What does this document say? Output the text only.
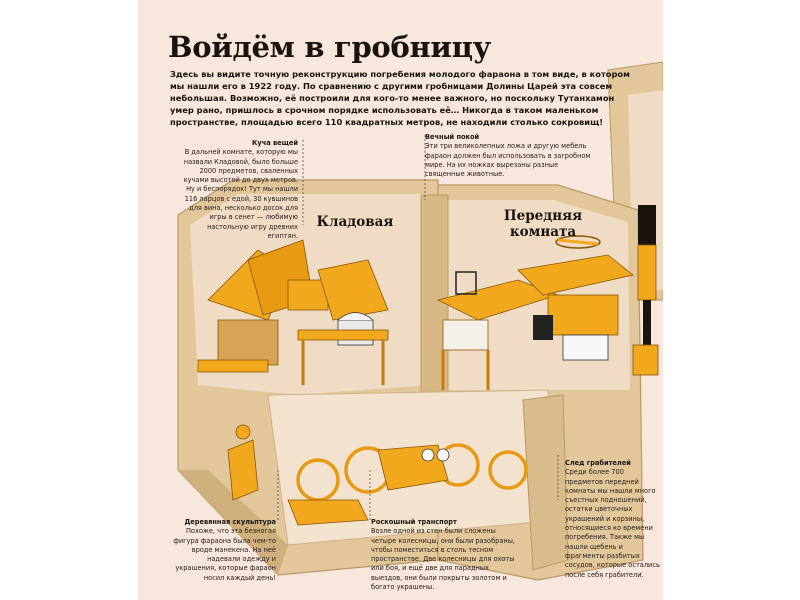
Войдём в гробницу
Здесь вы видите точную реконструкцию погребения молодого фараона в том виде, в котором мы нашли его в 1922 году. По сравнению с другими гробницами Долины Царей эта совсем небольшая. Возможно, её построили для кого-то менее важного, но поскольку Тутанхамон умер рано, пришлось в срочном порядке использовать её… Никогда в таком маленьком пространстве, площадью всего 110 квадратных метров, не находили столько сокровищ!
Кладовая	Передняя комната
Куча вещей
В дальней комнате, которую мы назвали Кладовой, было больше 2000 предметов, сваленных кучами высотой до двух метров. Ну и беспорядок! Тут мы нашли 116 ларцов с едой, 30 кувшинов для вина, несколько досок для игры в сенет — любимую настольную игру древних египтян.
Вечный покой
Эти три великолепных ложа и другую мебель фараон должен был использовать в загробном мире. На их ножках вырезаны разные священные животные.
След грабителей
Среди более 700 предметов передней комнаты мы нашли много съестных подношений, остатки цветочных украшений и корзины, относящиеся ко времени погребения. Также мы нашли щебень и фрагменты разбитых сосудов, которые остались после себя грабители.
Деревянная скульптура
Похоже, что эта безногая фигура фараона была чем-то вроде манекена. На неё надевали одежду и украшения, которые фараон носил каждый день!
Роскошный транспорт
Возле одной из стен были сложены четыре колесницы, они были разобраны, чтобы поместиться в столь тесном пространстве. Две колесницы для охоты или боя, и ещё две для парадных выездов, они были покрыты золотом и богато украшены.
